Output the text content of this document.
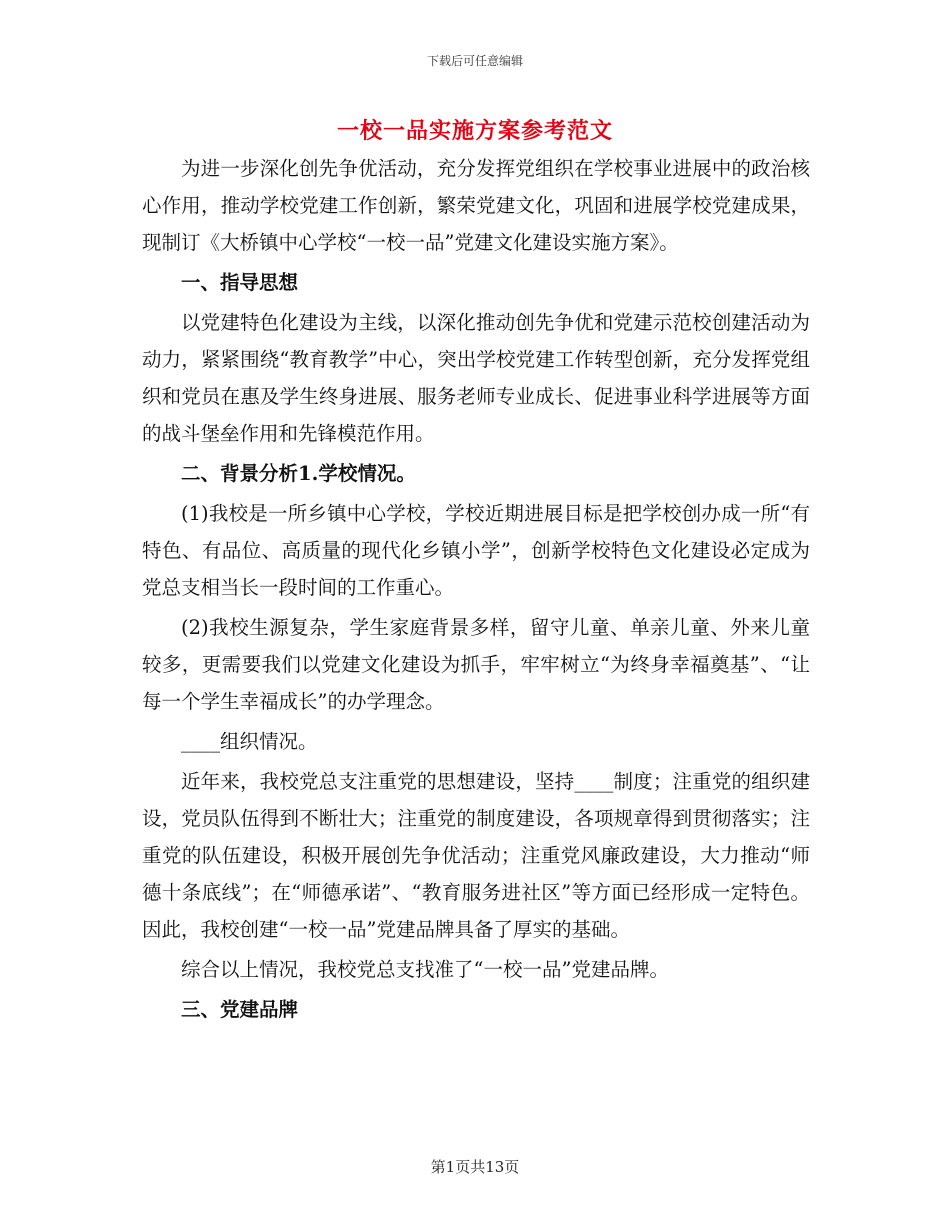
下载后可任意编辑
一校一品实施方案参考范文

为进一步深化创先争优活动，充分发挥党组织在学校事业进展中的政治核心作用，推动学校党建工作创新，繁荣党建文化，巩固和进展学校党建成果，现制订《大桥镇中心学校“一校一品”党建文化建设实施方案》。

一、指导思想

以党建特色化建设为主线，以深化推动创先争优和党建示范校创建活动为动力，紧紧围绕“教育教学”中心，突出学校党建工作转型创新，充分发挥党组织和党员在惠及学生终身进展、服务老师专业成长、促进事业科学进展等方面的战斗堡垒作用和先锋模范作用。

二、背景分析1.学校情况。

(1)我校是一所乡镇中心学校，学校近期进展目标是把学校创办成一所“有特色、有品位、高质量的现代化乡镇小学”，创新学校特色文化建设必定成为党总支相当长一段时间的工作重心。

(2)我校生源复杂，学生家庭背景多样，留守儿童、单亲儿童、外来儿童较多，更需要我们以党建文化建设为抓手，牢牢树立“为终身幸福奠基”、“让每一个学生幸福成长”的办学理念。

____组织情况。

近年来，我校党总支注重党的思想建设，坚持____制度；注重党的组织建设，党员队伍得到不断壮大；注重党的制度建设，各项规章得到贯彻落实；注重党的队伍建设，积极开展创先争优活动；注重党风廉政建设，大力推动“师德十条底线”；在“师德承诺”、“教育服务进社区”等方面已经形成一定特色。因此，我校创建“一校一品”党建品牌具备了厚实的基础。

综合以上情况，我校党总支找准了“一校一品”党建品牌。

三、党建品牌

第1页共13页
